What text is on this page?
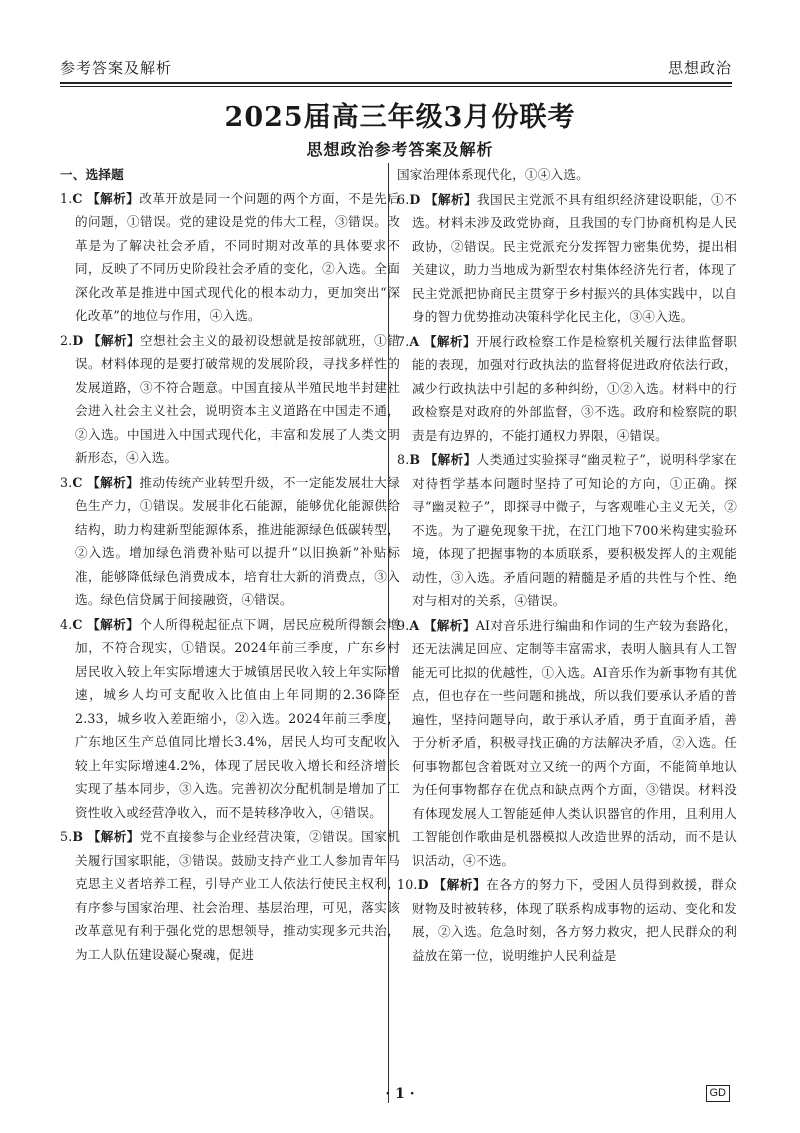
参考答案及解析	思想政治
2025届高三年级3月份联考
思想政治参考答案及解析
一、选择题

1.C 【解析】改革开放是同一个问题的两个方面，不是先后的问题，①错误。党的建设是党的伟大工程，③错误。改革是为了解决社会矛盾，不同时期对改革的具体要求不同，反映了不同历史阶段社会矛盾的变化，②入选。全面深化改革是推进中国式现代化的根本动力，更加突出“深化改革”的地位与作用，④入选。

2.D 【解析】空想社会主义的最初设想就是按部就班，①错误。材料体现的是要打破常规的发展阶段，寻找多样性的发展道路，③不符合题意。中国直接从半殖民地半封建社会进入社会主义社会，说明资本主义道路在中国走不通，②入选。中国进入中国式现代化，丰富和发展了人类文明新形态，④入选。

3.C 【解析】推动传统产业转型升级，不一定能发展壮大绿色生产力，①错误。发展非化石能源，能够优化能源供给结构，助力构建新型能源体系，推进能源绿色低碳转型，②入选。增加绿色消费补贴可以提升“以旧换新”补贴标准，能够降低绿色消费成本，培育壮大新的消费点，③入选。绿色信贷属于间接融资，④错误。

4.C 【解析】个人所得税起征点下调，居民应税所得额会增加，不符合现实，①错误。2024年前三季度，广东乡村居民收入较上年实际增速大于城镇居民收入较上年实际增速，城乡人均可支配收入比值由上年同期的2.36降至2.33，城乡收入差距缩小，②入选。2024年前三季度，广东地区生产总值同比增长3.4%，居民人均可支配收入较上年实际增速4.2%，体现了居民收入增长和经济增长实现了基本同步，③入选。完善初次分配机制是增加了工资性收入或经营净收入，而不是转移净收入，④错误。

5.B 【解析】党不直接参与企业经营决策，②错误。国家机关履行国家职能，③错误。鼓励支持产业工人参加青年马克思主义者培养工程，引导产业工人依法行使民主权利，有序参与国家治理、社会治理、基层治理，可见，落实该改革意见有利于强化党的思想领导，推动实现多元共治，为工人队伍建设凝心聚魂，促进

国家治理体系现代化，①④入选。

6.D 【解析】我国民主党派不具有组织经济建设职能，①不选。材料未涉及政党协商，且我国的专门协商机构是人民政协，②错误。民主党派充分发挥智力密集优势，提出相关建议，助力当地成为新型农村集体经济先行者，体现了民主党派把协商民主贯穿于乡村振兴的具体实践中，以自身的智力优势推动决策科学化民主化，③④入选。

7.A 【解析】开展行政检察工作是检察机关履行法律监督职能的表现，加强对行政执法的监督将促进政府依法行政，减少行政执法中引起的多种纠纷，①②入选。材料中的行政检察是对政府的外部监督，③不选。政府和检察院的职责是有边界的，不能打通权力界限，④错误。

8.B 【解析】人类通过实验探寻“幽灵粒子”，说明科学家在对待哲学基本问题时坚持了可知论的方向，①正确。探寻“幽灵粒子”，即探寻中微子，与客观唯心主义无关，②不选。为了避免现象干扰，在江门地下700米构建实验环境，体现了把握事物的本质联系，要积极发挥人的主观能动性，③入选。矛盾问题的精髓是矛盾的共性与个性、绝对与相对的关系，④错误。

9.A 【解析】AI对音乐进行编曲和作词的生产较为套路化，还无法满足回应、定制等丰富需求，表明人脑具有人工智能无可比拟的优越性，①入选。AI音乐作为新事物有其优点，但也存在一些问题和挑战，所以我们要承认矛盾的普遍性，坚持问题导向，敢于承认矛盾，勇于直面矛盾，善于分析矛盾，积极寻找正确的方法解决矛盾，②入选。任何事物都包含着既对立又统一的两个方面，不能简单地认为任何事物都存在优点和缺点两个方面，③错误。材料没有体现发展人工智能延伸人类认识器官的作用，且利用人工智能创作歌曲是机器模拟人改造世界的活动，而不是认识活动，④不选。

10.D 【解析】在各方的努力下，受困人员得到救援，群众财物及时被转移，体现了联系构成事物的运动、变化和发展，②入选。危急时刻，各方努力救灾，把人民群众的利益放在第一位，说明维护人民利益是

· 1 ·	GD
